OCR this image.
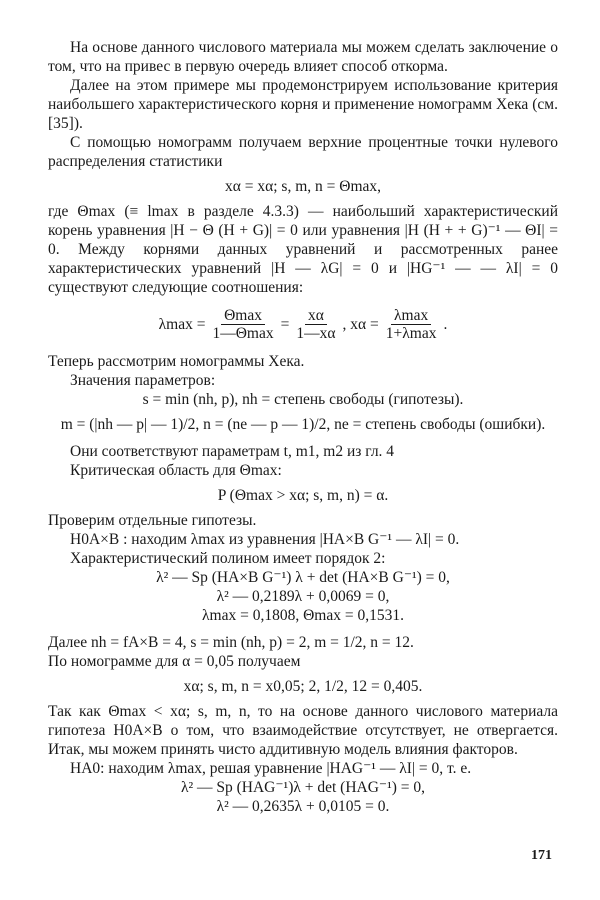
На основе данного числового материала мы можем сделать заключение о том, что на привес в первую очередь влияет способ откорма.

Далее на этом примере мы продемонстрируем использование критерия наибольшего характеристического корня и применение номограмм Хека (см. [35]).

С помощью номограмм получаем верхние процентные точки нулевого распределения статистики

xα = xα; s, m, n = Θmax,

где Θmax (≡ lmax в разделе 4.3.3) — наибольший характеристический корень уравнения |H − Θ (H + G)| = 0 или уравнения |H (H + + G)⁻¹ — ΘI| = 0. Между корнями данных уравнений и рассмотренных ранее характеристических уравнений |H — λG| = 0 и |HG⁻¹ — — λI| = 0 существуют следующие соотношения:

$\lambda\max = \frac{\Theta\max}{1—\Theta\max} = \frac{x\alpha}{1—x\alpha}$ , $x\alpha = \frac{\lambda\max}{1+\lambda\max}$ .

Теперь рассмотрим номограммы Хека.

Значения параметров:

s = min (nh, p), nh = степень свободы (гипотезы).

m = (|nh — p| — 1)/2, n = (ne — p — 1)/2, ne = степень свободы (ошибки).

Они соответствуют параметрам t, m1, m2 из гл. 4

Критическая область для Θmax:

P (Θmax > xα; s, m, n) = α.

Проверим отдельные гипотезы.

H0A×B : находим λmax из уравнения |HA×B G⁻¹ — λI| = 0.

Характеристический полином имеет порядок 2:

λ² — Sp (HA×B G⁻¹) λ + det (HA×B G⁻¹) = 0,

λ² — 0,2189λ + 0,0069 = 0,

λmax = 0,1808, Θmax = 0,1531.

Далее nh = fA×B = 4, s = min (nh, p) = 2, m = 1/2, n = 12.

По номограмме для α = 0,05 получаем

xα; s, m, n = x0,05; 2, 1/2, 12 = 0,405.

Так как Θmax < xα; s, m, n, то на основе данного числового материала гипотеза H0A×B о том, что взаимодействие отсутствует, не отвергается. Итак, мы можем принять чисто аддитивную модель влияния факторов.

HA0: находим λmax, решая уравнение |HAG⁻¹ — λI| = 0, т. е.

λ² — Sp (HAG⁻¹)λ + det (HAG⁻¹) = 0,

λ² — 0,2635λ + 0,0105 = 0.

171
